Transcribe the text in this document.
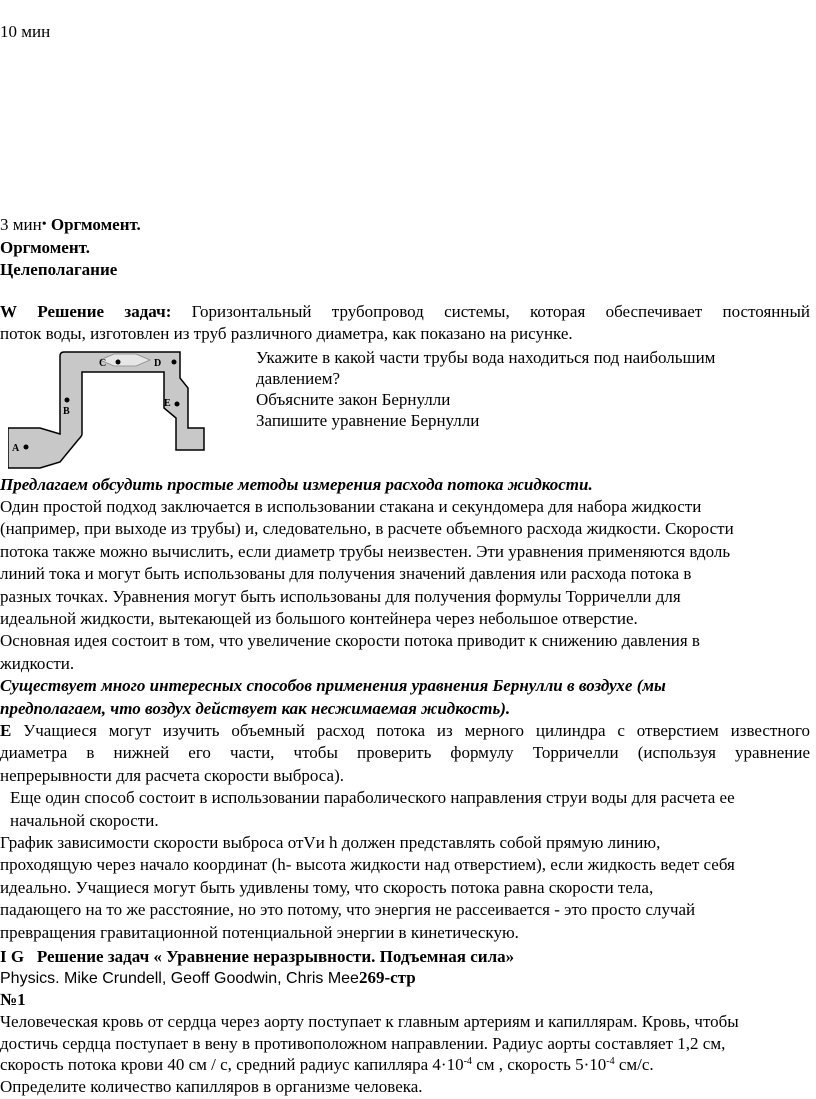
10 мин
3 мин• Оргмомент.
Оргмомент.
Целеполагание
W Решение задач: Горизонтальный трубопровод системы, которая обеспечивает постоянный
поток воды, изготовлен из труб различного диаметра, как показано на рисунке.
A
B
C	D
E
Укажите в какой части трубы вода находиться под наибольшим
давлением?
Объясните закон Бернулли
Запишите уравнение Бернулли
Предлагаем обсудить простые методы измерения расхода потока жидкости.
Один простой подход заключается в использовании стакана и секундомера для набора жидкости
(например, при выходе из трубы) и, следовательно, в расчете объемного расхода жидкости. Скорости
потока также можно вычислить, если диаметр трубы неизвестен. Эти уравнения применяются вдоль
линий тока и могут быть использованы для получения значений давления или расхода потока в
разных точках. Уравнения могут быть использованы для получения формулы Торричелли для
идеальной жидкости, вытекающей из большого контейнера через небольшое отверстие.
Основная идея состоит в том, что увеличение скорости потока приводит к снижению давления в
жидкости.
Существует много интересных способов применения уравнения Бернулли в воздухе (мы
предполагаем, что воздух действует как несжимаемая жидкость).
E Учащиеся могут изучить объемный расход потока из мерного цилиндра с отверстием известного
диаметра в нижней его части, чтобы проверить формулу Торричелли (используя уравнение
непрерывности для расчета скорости выброса).
Еще один способ состоит в использовании параболического направления струи воды для расчета ее
начальной скорости.
График зависимости скорости выброса отVи h должен представлять собой прямую линию,
проходящую через начало координат (h- высота жидкости над отверстием), если жидкость ведет себя
идеально. Учащиеся могут быть удивлены тому, что скорость потока равна скорости тела,
падающего на то же расстояние, но это потому, что энергия не рассеивается - это просто случай
превращения гравитационной потенциальной энергии в кинетическую.
I G Решение задач « Уравнение неразрывности. Подъемная сила»
Physics. Mike Crundell, Geoff Goodwin, Chris Mee269-стр
№1
Человеческая кровь от сердца через аорту поступает к главным артериям и капиллярам. Кровь, чтобы
достичь сердца поступает в вену в противоположном направлении. Радиус аорты составляет 1,2 см,
скорость потока крови 40 см / с, средний радиус капилляра $4\cdot 10^{-4}$ см , скорость $5\cdot 10^{-4}$ см/с.
Определите количество капилляров в организме человека.
